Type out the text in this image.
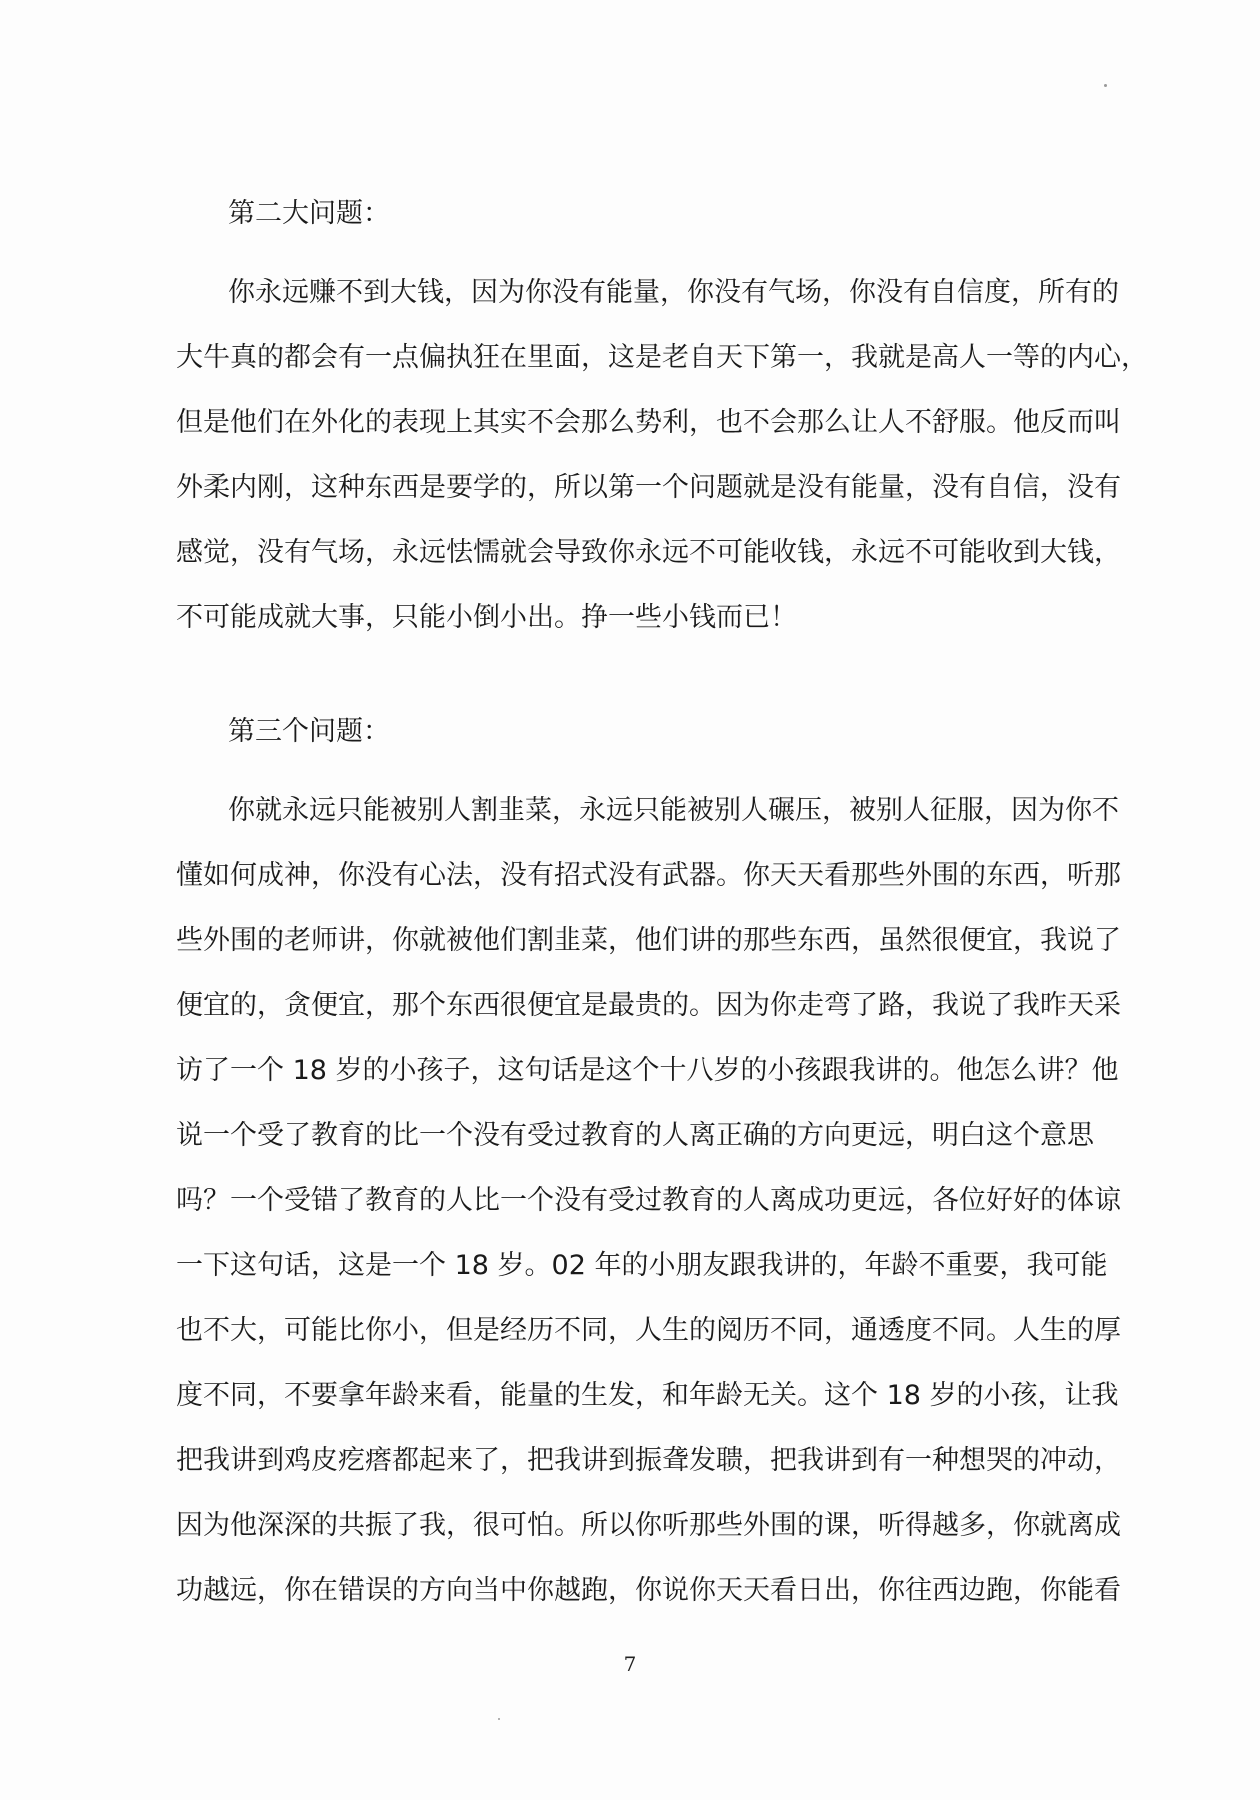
第二大问题：

你永远赚不到大钱，因为你没有能量，你没有气场，你没有自信度，所有的

大牛真的都会有一点偏执狂在里面，这是老自天下第一，我就是高人一等的内心，

但是他们在外化的表现上其实不会那么势利，也不会那么让人不舒服。他反而叫

外柔内刚，这种东西是要学的，所以第一个问题就是没有能量，没有自信，没有

感觉，没有气场，永远怯懦就会导致你永远不可能收钱，永远不可能收到大钱，

不可能成就大事，只能小倒小出。挣一些小钱而已！

第三个问题：

你就永远只能被别人割韭菜，永远只能被别人碾压，被别人征服，因为你不

懂如何成神，你没有心法，没有招式没有武器。你天天看那些外围的东西，听那

些外围的老师讲，你就被他们割韭菜，他们讲的那些东西，虽然很便宜，我说了

便宜的，贪便宜，那个东西很便宜是最贵的。因为你走弯了路，我说了我昨天采

访了一个 18 岁的小孩子，这句话是这个十八岁的小孩跟我讲的。他怎么讲？他

说一个受了教育的比一个没有受过教育的人离正确的方向更远，明白这个意思

吗？一个受错了教育的人比一个没有受过教育的人离成功更远，各位好好的体谅

一下这句话，这是一个 18 岁。02 年的小朋友跟我讲的，年龄不重要，我可能

也不大，可能比你小，但是经历不同，人生的阅历不同，通透度不同。人生的厚

度不同，不要拿年龄来看，能量的生发，和年龄无关。这个 18 岁的小孩，让我

把我讲到鸡皮疙瘩都起来了，把我讲到振聋发聩，把我讲到有一种想哭的冲动，

因为他深深的共振了我，很可怕。所以你听那些外围的课，听得越多，你就离成

功越远，你在错误的方向当中你越跑，你说你天天看日出，你往西边跑，你能看

7
